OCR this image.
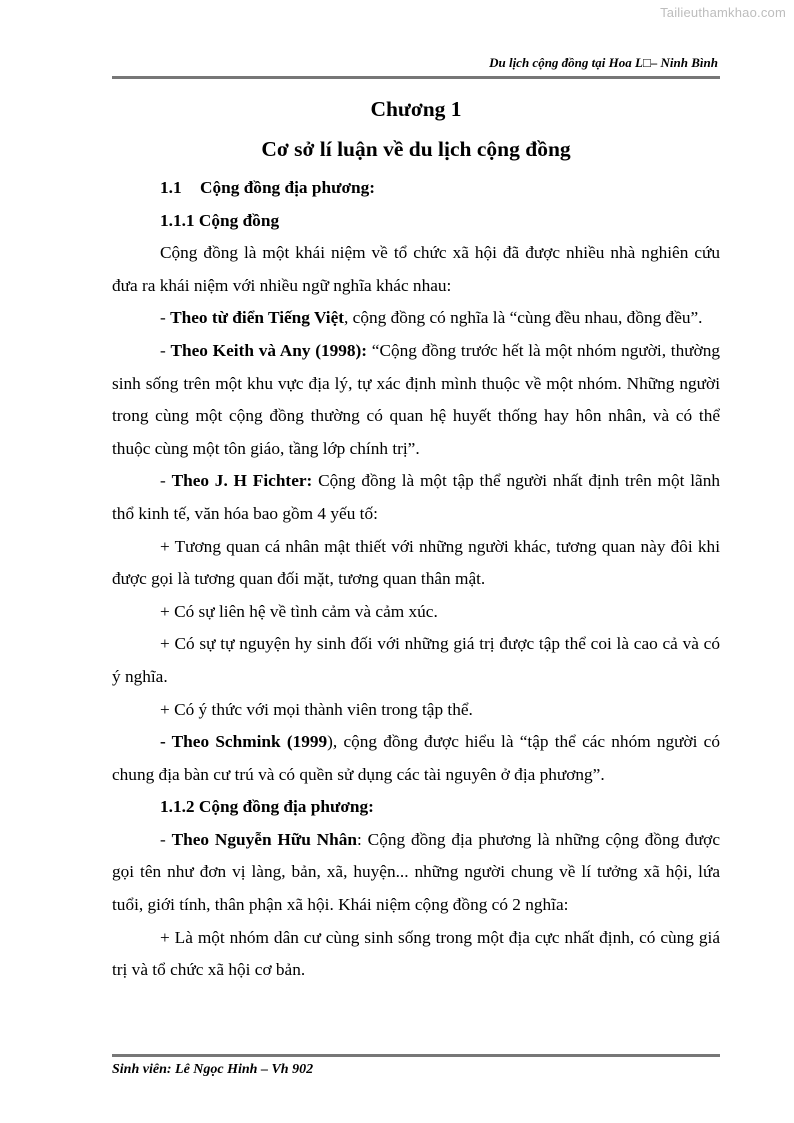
Tailieuthamkhao.com
Du lịch cộng đồng tại Hoa L□– Ninh Bình
Chương 1
Cơ sở lí luận về du lịch cộng đồng

1.1 Cộng đồng địa phương:

1.1.1 Cộng đồng

Cộng đồng là một khái niệm về tổ chức xã hội đã được nhiều nhà nghiên cứu đưa ra khái niệm với nhiều ngữ nghĩa khác nhau:

- Theo từ điển Tiếng Việt, cộng đồng có nghĩa là “cùng đều nhau, đồng đều”.

- Theo Keith và Any (1998): “Cộng đồng trước hết là một nhóm người, thường sinh sống trên một khu vực địa lý, tự xác định mình thuộc về một nhóm. Những người trong cùng một cộng đồng thường có quan hệ huyết thống hay hôn nhân, và có thể thuộc cùng một tôn giáo, tầng lớp chính trị”.

- Theo J. H Fichter: Cộng đồng là một tập thể người nhất định trên một lãnh thổ kinh tế, văn hóa bao gồm 4 yếu tố:

+ Tương quan cá nhân mật thiết với những người khác, tương quan này đôi khi được gọi là tương quan đối mặt, tương quan thân mật.

+ Có sự liên hệ về tình cảm và cảm xúc.

+ Có sự tự nguyện hy sinh đối với những giá trị được tập thể coi là cao cả và có ý nghĩa.

+ Có ý thức với mọi thành viên trong tập thể.

- Theo Schmink (1999), cộng đồng được hiểu là “tập thể các nhóm người có chung địa bàn cư trú và có quền sử dụng các tài nguyên ở địa phương”.

1.1.2 Cộng đồng địa phương:

- Theo Nguyễn Hữu Nhân: Cộng đồng địa phương là những cộng đồng được gọi tên như đơn vị làng, bản, xã, huyện... những người chung về lí tưởng xã hội, lứa tuổi, giới tính, thân phận xã hội. Khái niệm cộng đồng có 2 nghĩa:

+ Là một nhóm dân cư cùng sinh sống trong một địa cực nhất định, có cùng giá trị và tổ chức xã hội cơ bản.

Sinh viên: Lê Ngọc Hinh – Vh 902
